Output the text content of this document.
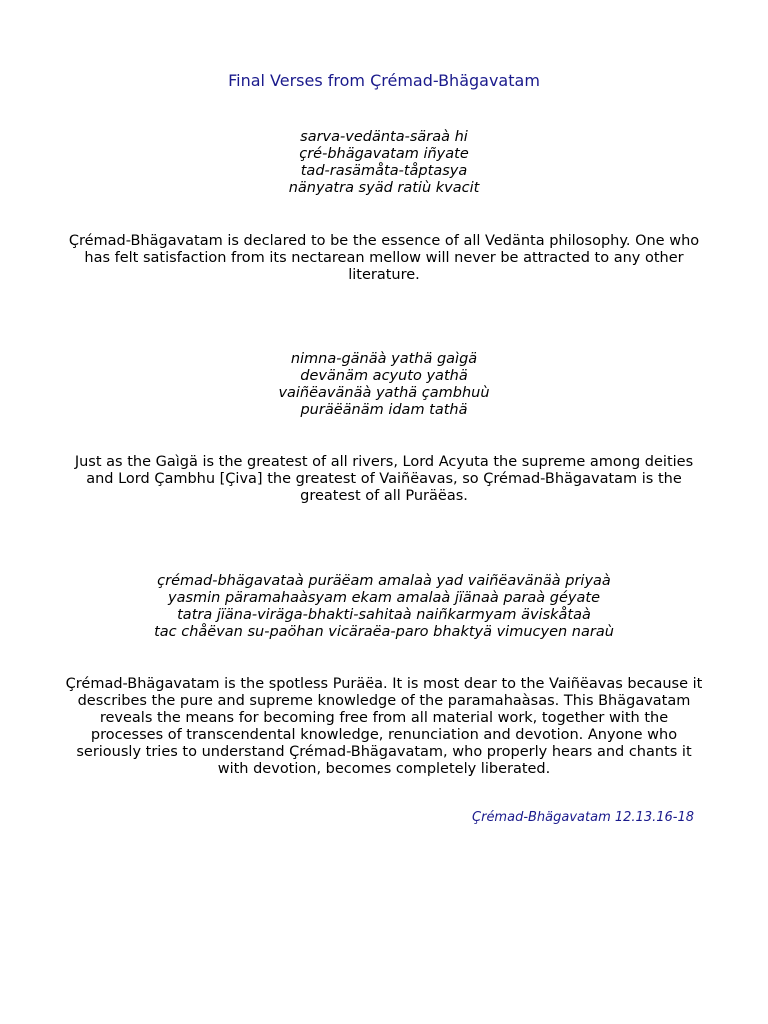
Final Verses from Çrémad-Bhägavatam
sarva-vedänta-säraà hi
çré-bhägavatam iñyate
tad-rasämåta-tåptasya
nänyatra syäd ratiù kvacit
Çrémad-Bhägavatam is declared to be the essence of all Vedänta philosophy. One who has felt satisfaction from its nectarean mellow will never be attracted to any other literature.
nimna-gänäà yathä gaìgä
devänäm acyuto yathä
vaiñëavänäà yathä çambhuù
puräëänäm idam tathä
Just as the Gaìgä is the greatest of all rivers, Lord Acyuta the supreme among deities and Lord Çambhu [Çiva] the greatest of Vaiñëavas, so Çrémad-Bhägavatam is the greatest of all Puräëas.
çrémad-bhägavataà puräëam amalaà yad vaiñëavänäà priyaà
yasmin päramahaàsyam ekam amalaà jïänaà paraà géyate
tatra jïäna-viräga-bhakti-sahitaà naiñkarmyam äviskåtaà
tac chåëvan su-paöhan vicäraëa-paro bhaktyä vimucyen naraù
Çrémad-Bhägavatam is the spotless Puräëa. It is most dear to the Vaiñëavas because it describes the pure and supreme knowledge of the paramahaàsas. This Bhägavatam reveals the means for becoming free from all material work, together with the processes of transcendental knowledge, renunciation and devotion. Anyone who seriously tries to understand Çrémad-Bhägavatam, who properly hears and chants it with devotion, becomes completely liberated.
Çrémad-Bhägavatam 12.13.16-18
